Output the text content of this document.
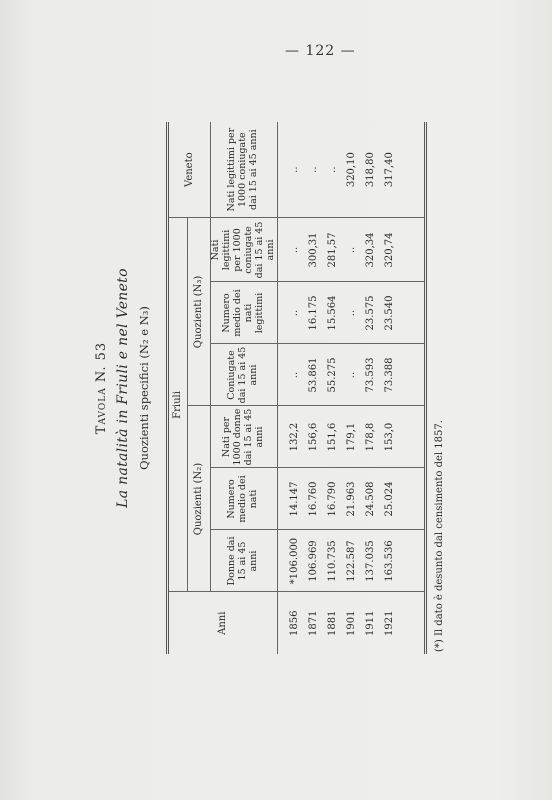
— 122 —
Tavola N. 53 La natalità in Friuli e nel Veneto Quozienti specifici (N₂ e N₃)
Anni	Friuli						Veneto
	Quozienti (N₂)			Quozienti (N₃)			
	Donne dai 15 ai 45 anni	Numero medio dei nati	Nati per 1000 donne dai 15 ai 45 anni	Coniugate dai 15 ai 45 anni	Numero medio dei nati legittimi	Nati legittimi per 1000 coniugate dai 15 ai 45 anni	Nati legittimi per 1000 coniugate dai 15 ai 45 anni
1856	*106.000	14.147	132,2	..	..	..	..
1871	106.969	16.760	156,6	53.861	16.175	300,31	..
1881	110.735	16.790	151,6	55.275	15.564	281,57	..
1901	122.587	21.963	179,1	..	..	..	320,10
1911	137.035	24.508	178,8	73.593	23.575	320,34	318,80
1921	163.536	25.024	153,0	73.388	23.540	320,74	317,40
(*) Il dato è desunto dal censimento del 1857.
